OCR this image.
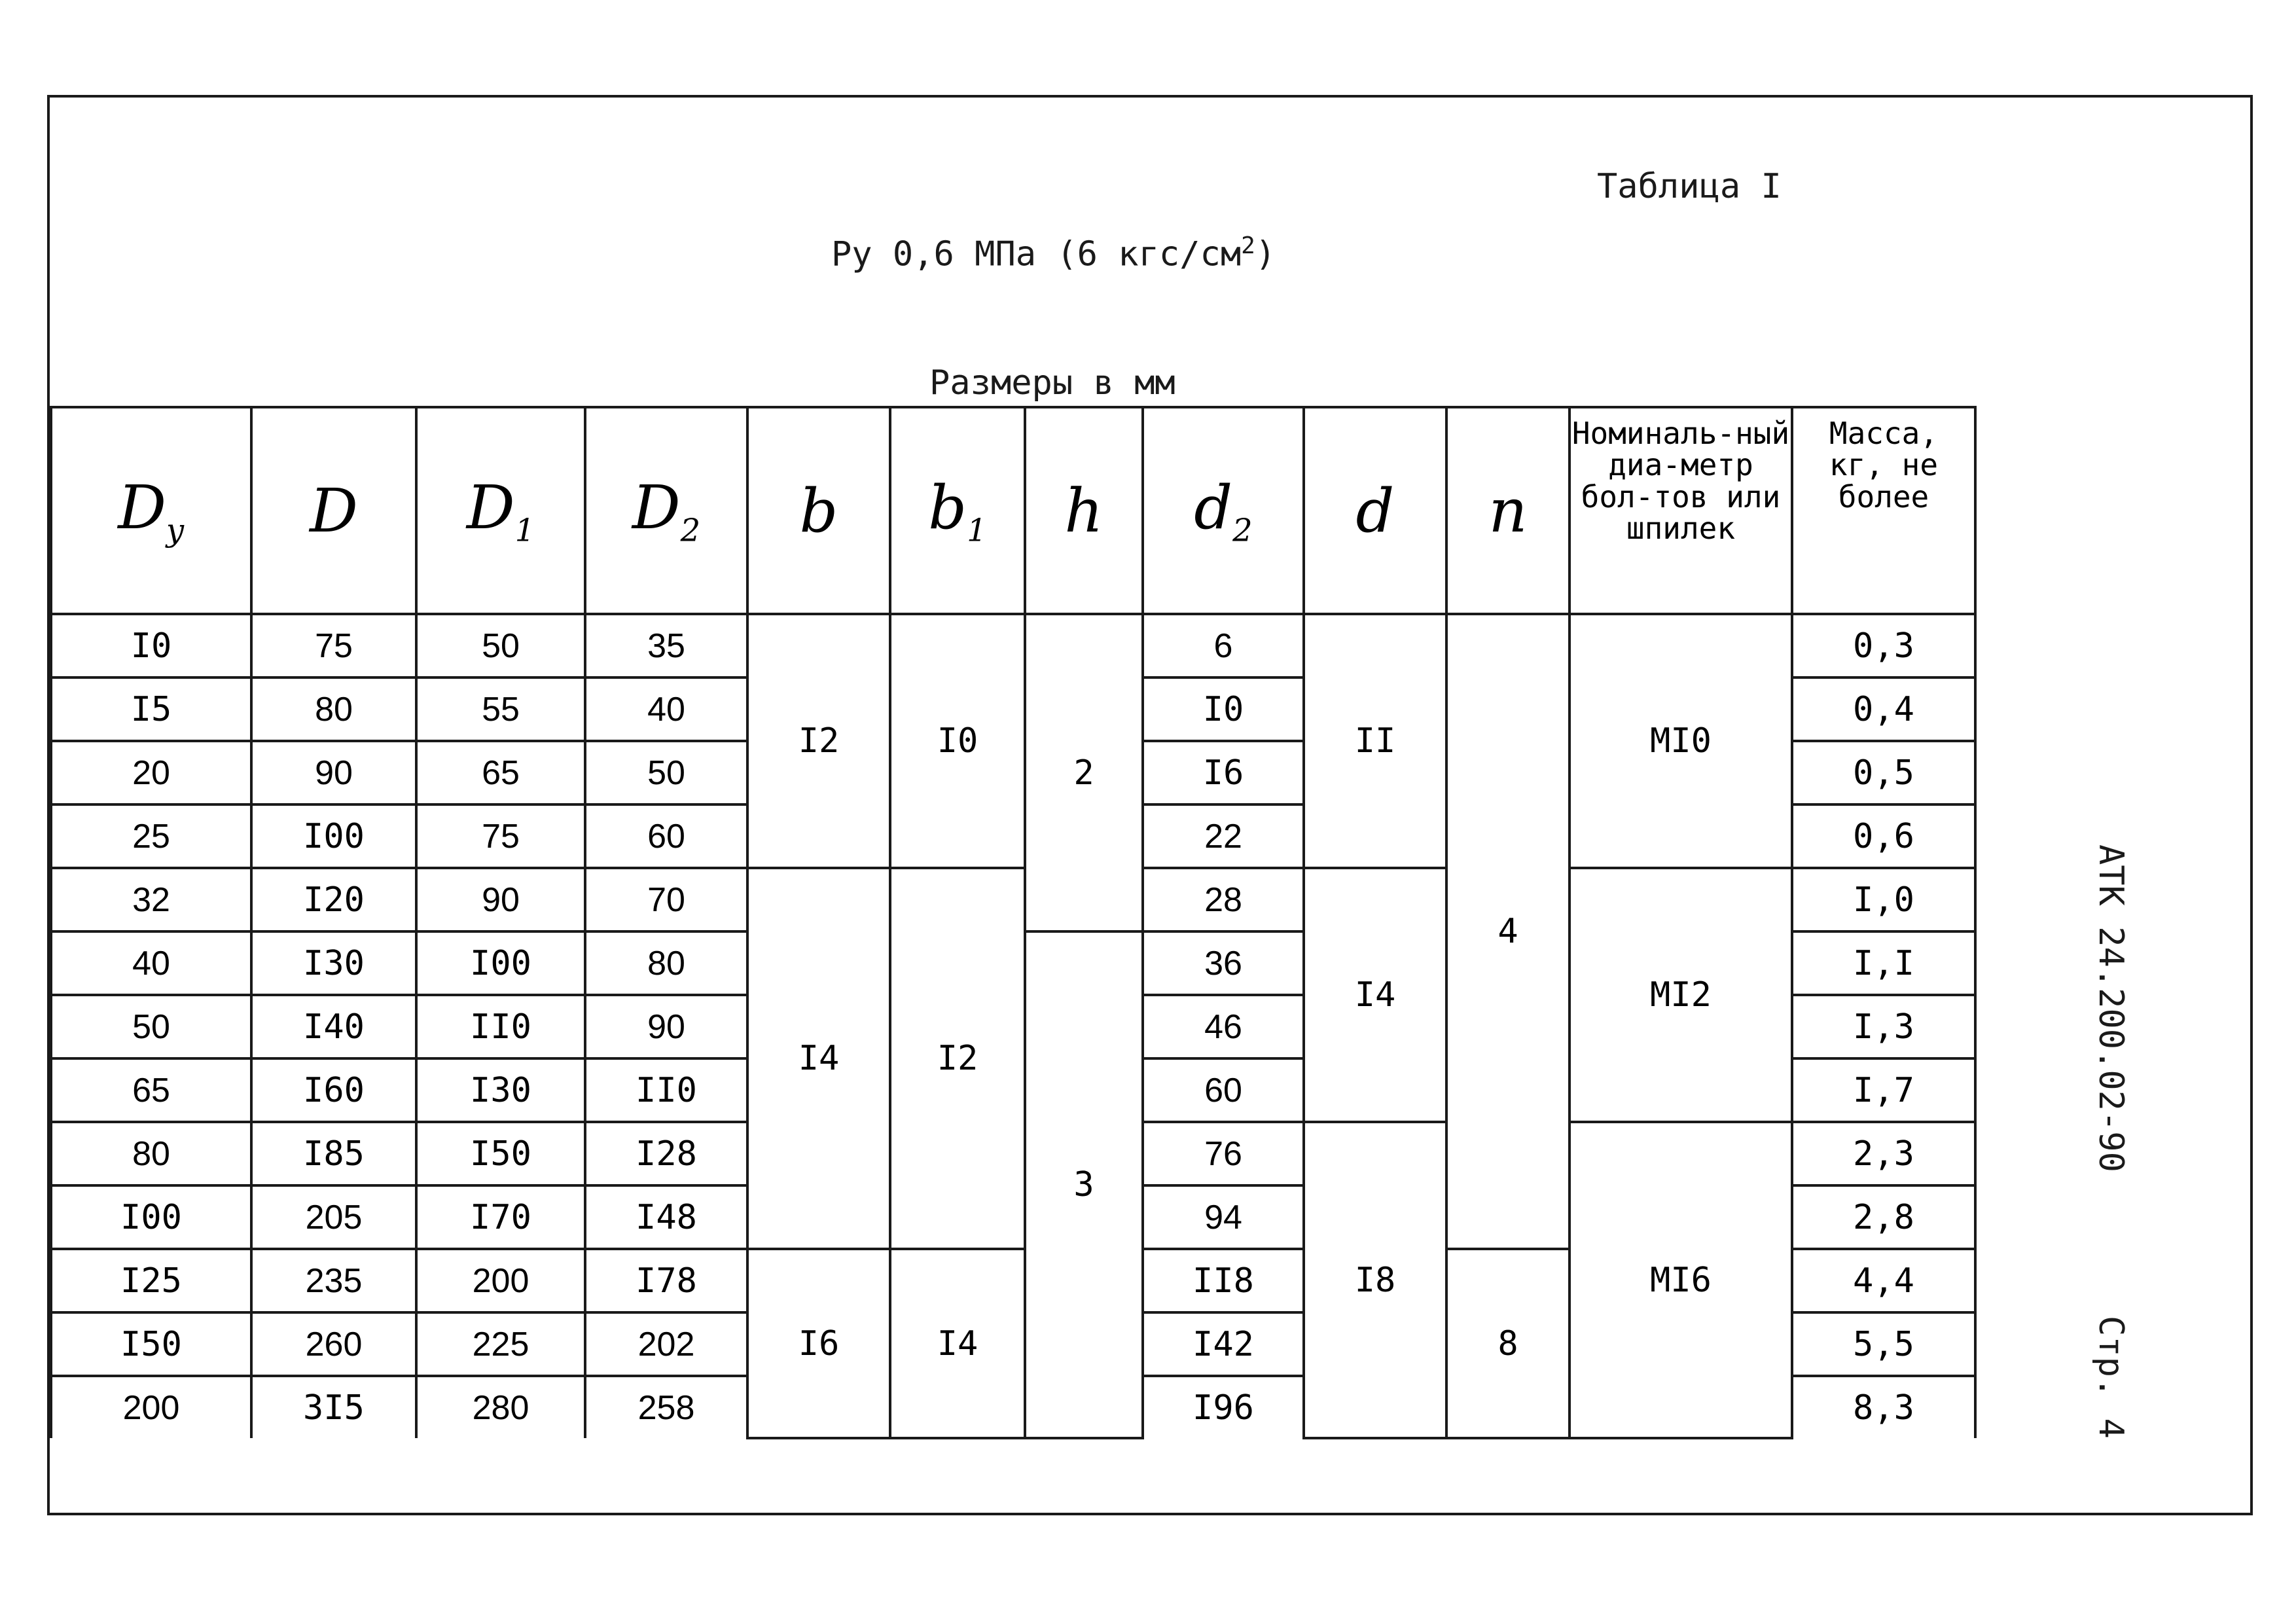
Таблица I
Ру 0,6 МПа (6 кгс/$см^2$)
Размеры в мм
АТК 24.200.02-90
Стр. 4
$D_у$	D	$D_1$	$D_2$	b	$b_1$	h	$d_2$	d	n	Номиналь-ный диа-метр бол-тов или шпилек	Масса, кг, не более
I0	75	50	35	I2	I0	2	6	II	4	MI0	0,3
I5	80	55	40				I0				0,4
20	90	65	50				I6				0,5
25	I00	75	60				22				0,6
32	I20	90	70	I4	I2		28	I4		MI2	I,0
40	I30	I00	80			3	36				I,I
50	I40	II0	90				46				I,3
65	I60	I30	II0				60				I,7
80	I85	I50	I28				76	I8		MI6	2,3
I00	205	I70	I48				94				2,8
I25	235	200	I78	I6	I4		II8		8		4,4
I50	260	225	202				I42				5,5
200	3I5	280	258				I96				8,3
